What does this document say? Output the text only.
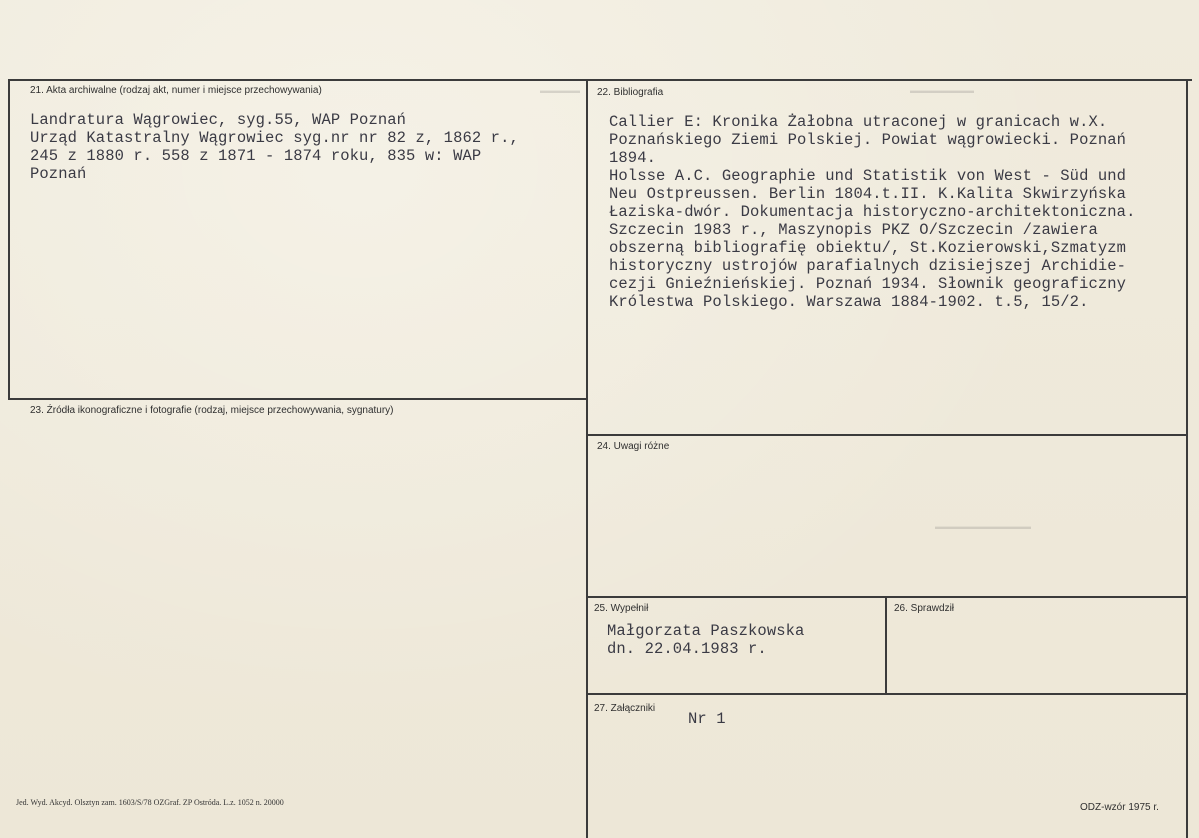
▬▬▬▬▬	▬▬▬▬▬▬▬▬
▬▬▬▬▬▬▬▬▬▬▬▬
21. Akta archiwalne (rodzaj akt, numer i miejsce przechowywania)
Landratura Wągrowiec, syg.55, WAP Poznań
Urząd Katastralny Wągrowiec syg.nr nr 82 z, 1862 r.,
245 z 1880 r. 558 z 1871 - 1874 roku, 835 w: WAP
Poznań
22. Bibliografia
Callier E: Kronika Żałobna utraconej w granicach w.X.
Poznańskiego Ziemi Polskiej. Powiat wągrowiecki. Poznań
1894.
Holsse A.C. Geographie und Statistik von West - Süd und
Neu Ostpreussen. Berlin 1804.t.II. K.Kalita Skwirzyńska
Łaziska-dwór. Dokumentacja historyczno-architektoniczna.
Szczecin 1983 r., Maszynopis PKZ O/Szczecin /zawiera
obszerną bibliografię obiektu/, St.Kozierowski,Szmatyzm
historyczny ustrojów parafialnych dzisiejszej Archidie-
cezji Gnieźnieńskiej. Poznań 1934. Słownik geograficzny
Królestwa Polskiego. Warszawa 1884-1902. t.5, 15/2.
23. Źródła ikonograficzne i fotografie (rodzaj, miejsce przechowywania, sygnatury)
24. Uwagi różne
25. Wypełnił
Małgorzata Paszkowska
dn. 22.04.1983 r.
26. Sprawdził
27. Załączniki
Nr 1
Jed. Wyd. Akcyd. Olsztyn zam. 1603/S/78 OZGraf. ZP Ostróda. L.z. 1052 n. 20000	ODZ-wzór 1975 r.
